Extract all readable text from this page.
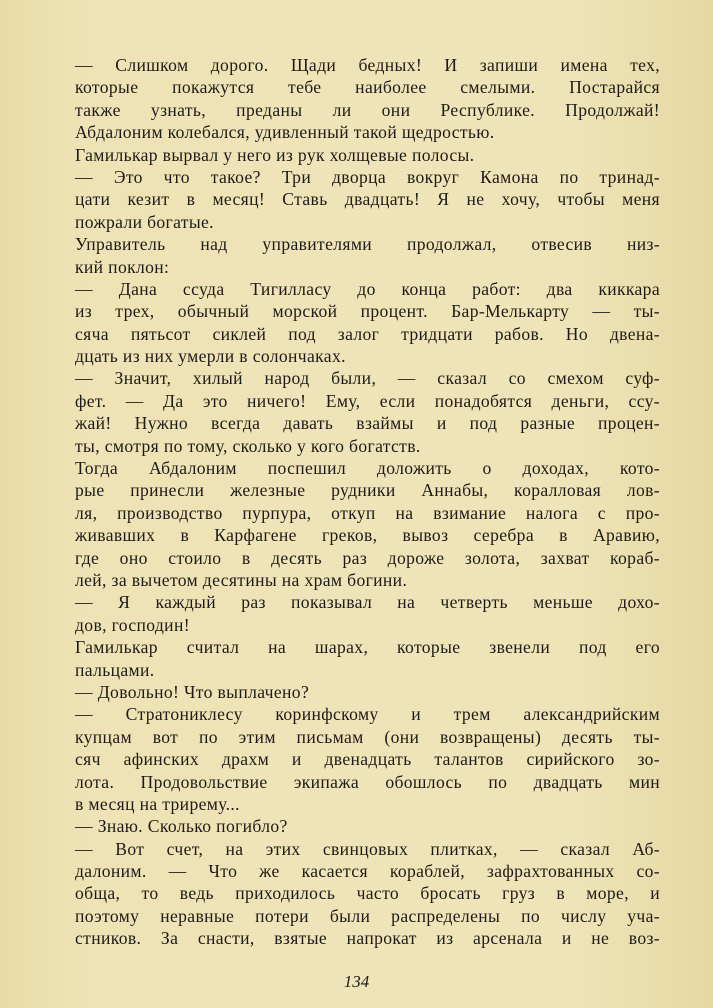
— Слишком дорого. Щади бедных! И запиши имена тех,
которые покажутся тебе наиболее смелыми. Постарайся
также узнать, преданы ли они Республике. Продолжай!
Абдалоним колебался, удивленный такой щедростью.
Гамилькар вырвал у него из рук холщевые полосы.
— Это что такое? Три дворца вокруг Камона по тринад-
цати кезит в месяц! Ставь двадцать! Я не хочу, чтобы меня
пожрали богатые.
Управитель над управителями продолжал, отвесив низ-
кий поклон:
— Дана ссуда Тигилласу до конца работ: два киккара
из трех, обычный морской процент. Бар-Мелькарту — ты-
сяча пятьсот сиклей под залог тридцати рабов. Но двена-
дцать из них умерли в солончаках.
— Значит, хилый народ были, — сказал со смехом суф-
фет. — Да это ничего! Ему, если понадобятся деньги, ссу-
жай! Нужно всегда давать взаймы и под разные процен-
ты, смотря по тому, сколько у кого богатств.
Тогда Абдалоним поспешил доложить о доходах, кото-
рые принесли железные рудники Аннабы, коралловая лов-
ля, производство пурпура, откуп на взимание налога с про-
живавших в Карфагене греков, вывоз серебра в Аравию,
где оно стоило в десять раз дороже золота, захват кораб-
лей, за вычетом десятины на храм богини.
— Я каждый раз показывал на четверть меньше дохо-
дов, господин!
Гамилькар считал на шарах, которые звенели под его
пальцами.
— Довольно! Что выплачено?
— Стратониклесу коринфскому и трем александрийским
купцам вот по этим письмам (они возвращены) десять ты-
сяч афинских драхм и двенадцать талантов сирийского зо-
лота. Продовольствие экипажа обошлось по двадцать мин
в месяц на трирему...
— Знаю. Сколько погибло?
— Вот счет, на этих свинцовых плитках, — сказал Аб-
далоним. — Что же касается кораблей, зафрахтованных со-
обща, то ведь приходилось часто бросать груз в море, и
поэтому неравные потери были распределены по числу уча-
стников. За снасти, взятые напрокат из арсенала и не воз-
134
